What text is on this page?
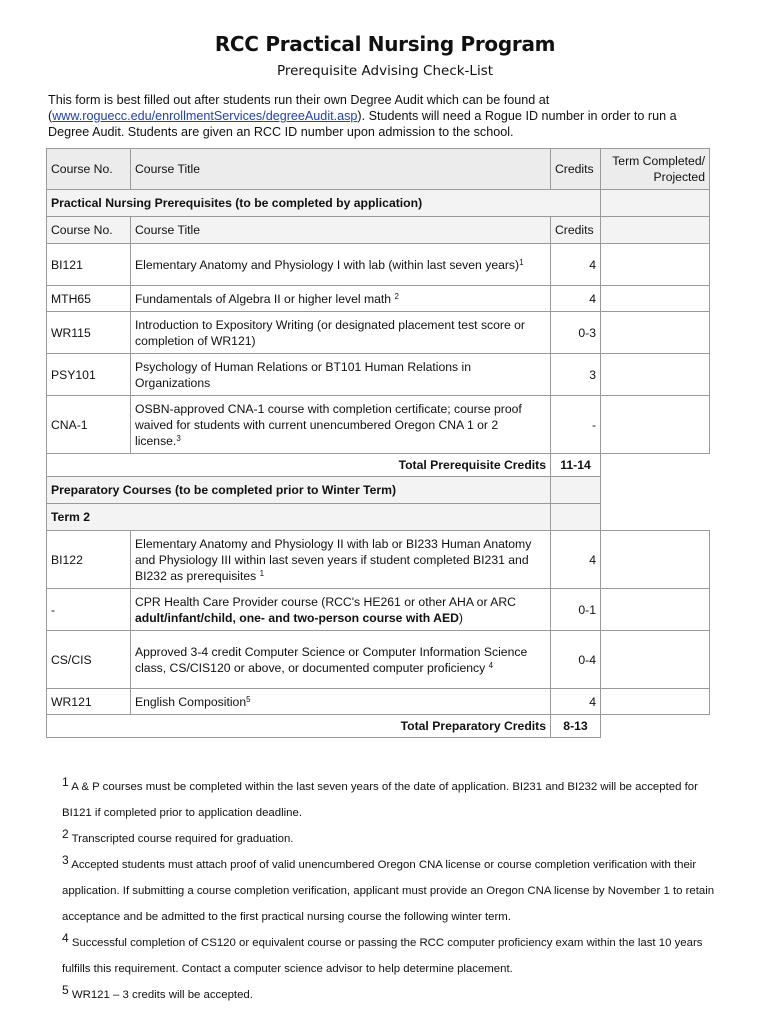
RCC Practical Nursing Program
Prerequisite Advising Check-List
This form is best filled out after students run their own Degree Audit which can be found at (www.roguecc.edu/enrollmentServices/degreeAudit.asp). Students will need a Rogue ID number in order to run a Degree Audit. Students are given an RCC ID number upon admission to the school.
Course No.	Course Title	Credits	Term Completed/ Projected
Practical Nursing Prerequisites (to be completed by application)			
Course No.	Course Title	Credits	
BI121	Elementary Anatomy and Physiology I with lab (within last seven years)$^1$	4	
MTH65	Fundamentals of Algebra II or higher level math $^2$	4	
WR115	Introduction to Expository Writing (or designated placement test score or completion of WR121)	0-3	
PSY101	Psychology of Human Relations or BT101 Human Relations in Organizations	3	
CNA-1	OSBN-approved CNA-1 course with completion certificate; course proof waived for students with current unencumbered Oregon CNA 1 or 2 license.$^3$	-	
Total Prerequisite Credits		11-14	
Preparatory Courses (to be completed prior to Winter Term)			
Term 2			
BI122	Elementary Anatomy and Physiology II with lab or BI233 Human Anatomy and Physiology III within last seven years if student completed BI231 and BI232 as prerequisites $^1$	4	
-	CPR Health Care Provider course (RCC's HE261 or other AHA or ARC adult/infant/child, one- and two-person course with AED)	0-1	
CS/CIS	Approved 3-4 credit Computer Science or Computer Information Science class, CS/CIS120 or above, or documented computer proficiency $^4$	0-4	
WR121	English Composition$^5$	4	
Total Preparatory Credits		8-13	
$^1$ A & P courses must be completed within the last seven years of the date of application. BI231 and BI232 will be accepted for BI121 if completed prior to application deadline.
$^2$ Transcripted course required for graduation.
$^3$ Accepted students must attach proof of valid unencumbered Oregon CNA license or course completion verification with their application. If submitting a course completion verification, applicant must provide an Oregon CNA license by November 1 to retain acceptance and be admitted to the first practical nursing course the following winter term.
$^4$ Successful completion of CS120 or equivalent course or passing the RCC computer proficiency exam within the last 10 years fulfills this requirement. Contact a computer science advisor to help determine placement.
$^5$ WR121 – 3 credits will be accepted.
